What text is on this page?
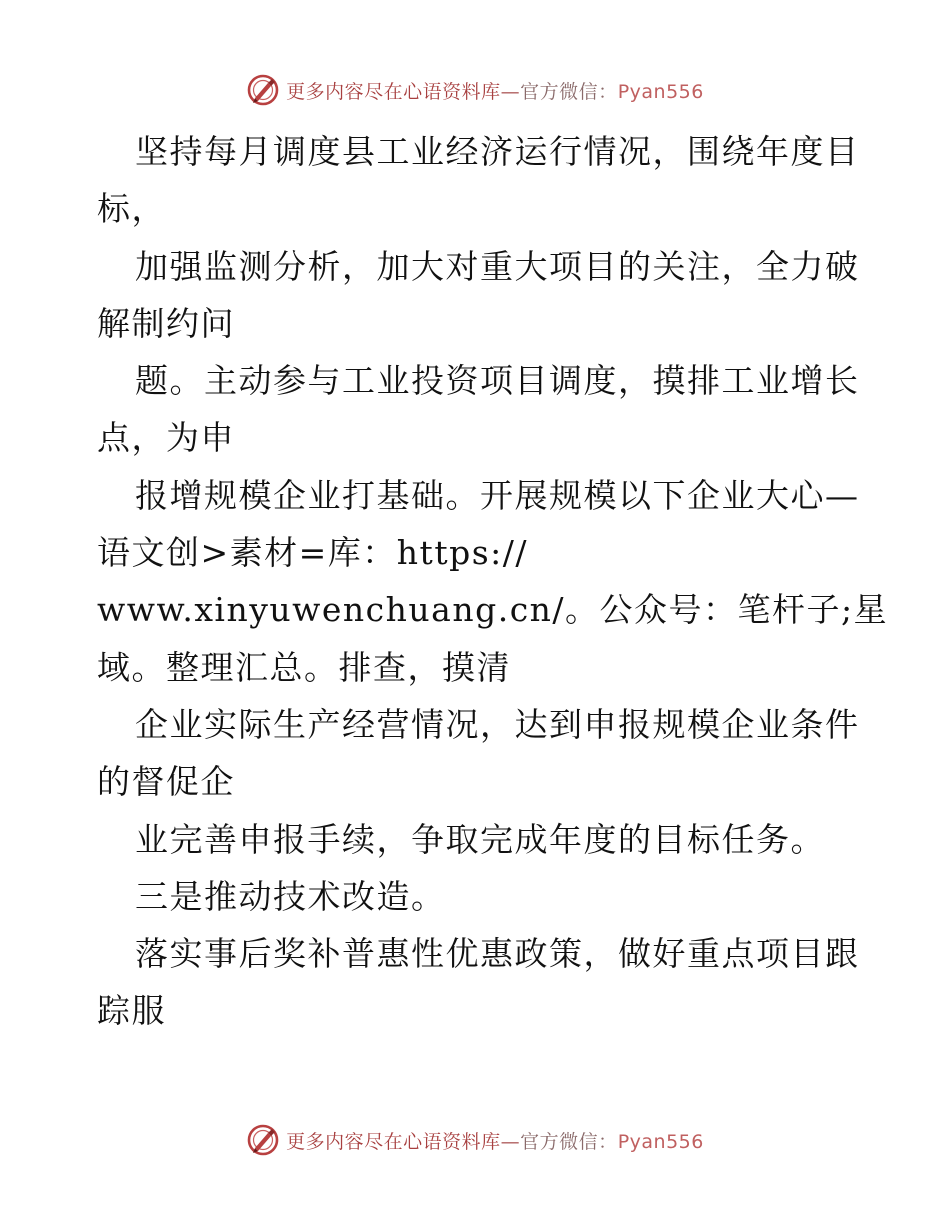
更多内容尽在心语资料库—官方微信：Pyan556
坚持每月调度县工业经济运行情况，围绕年度目
标，
加强监测分析，加大对重大项目的关注，全力破
解制约问
题。主动参与工业投资项目调度，摸排工业增长
点，为申
报增规模企业打基础。开展规模以下企业大心—
语文创>素材=库：https://
www.xinyuwenchuang.cn/。公众号：笔杆子;星
域。整理汇总。排查，摸清
企业实际生产经营情况，达到申报规模企业条件
的督促企
业完善申报手续，争取完成年度的目标任务。
三是推动技术改造。
落实事后奖补普惠性优惠政策，做好重点项目跟
踪服
更多内容尽在心语资料库—官方微信：Pyan556
